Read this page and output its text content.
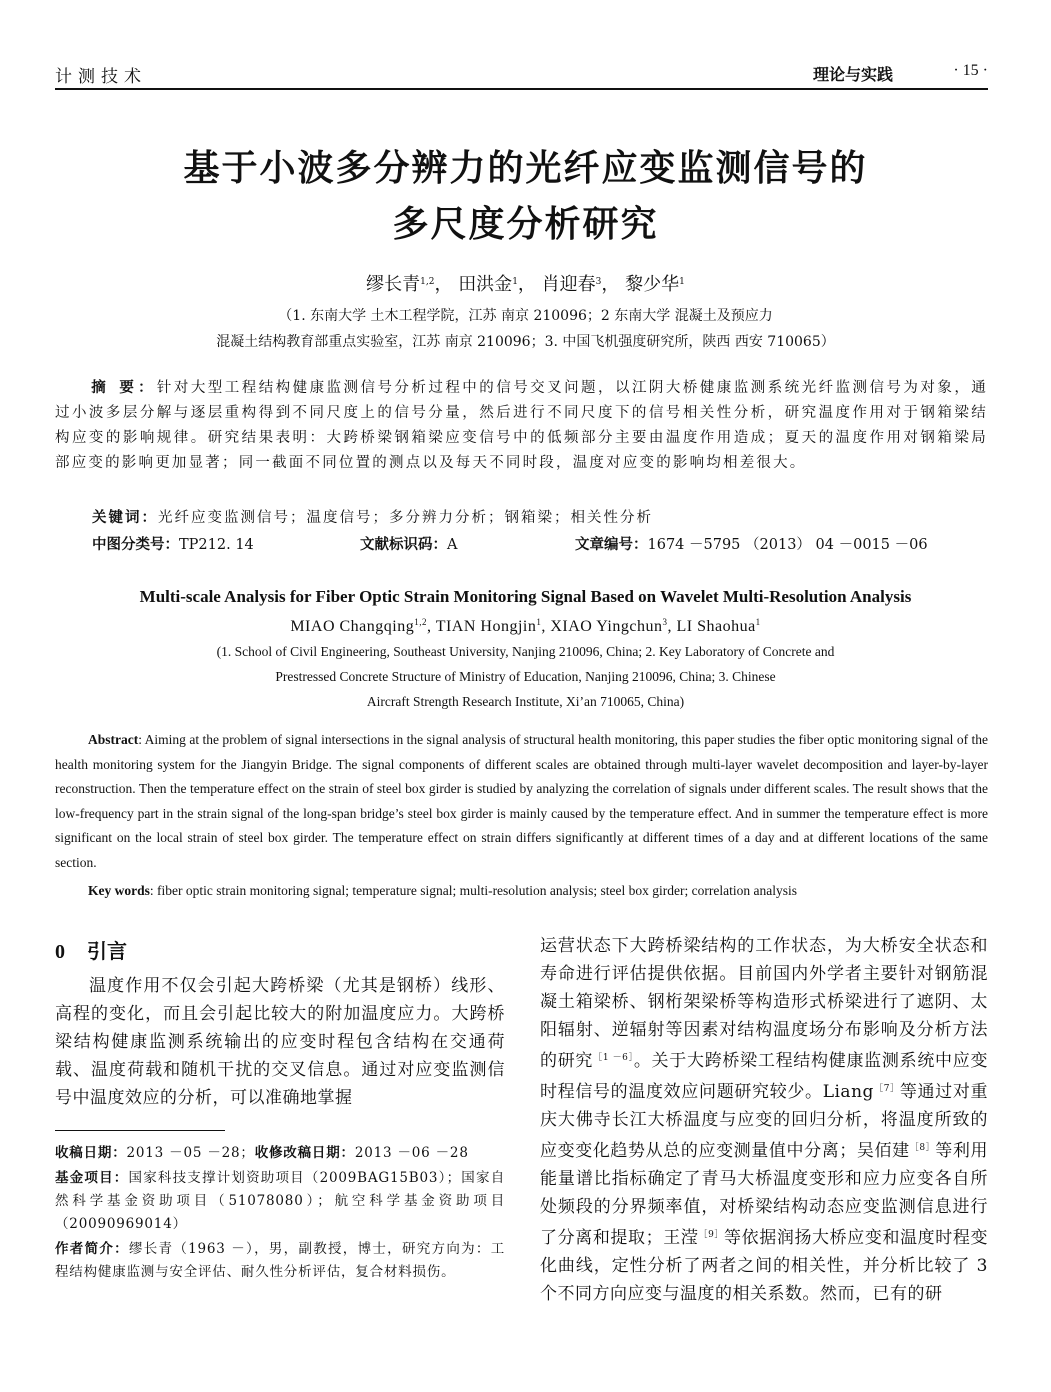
计测技术	理论与实践	· 15 ·
基于小波多分辨力的光纤应变监测信号的
多尺度分析研究
缪长青$^{1,2}$， 田洪金$^1$， 肖迎春$^3$， 黎少华$^1$
（1. 东南大学 土木工程学院，江苏 南京 210096；2 东南大学 混凝土及预应力
混凝土结构教育部重点实验室，江苏 南京 210096；3. 中国飞机强度研究所，陕西 西安 710065）
摘 要：针对大型工程结构健康监测信号分析过程中的信号交叉问题，以江阴大桥健康监测系统光纤监测信号为对象，通过小波多层分解与逐层重构得到不同尺度上的信号分量，然后进行不同尺度下的信号相关性分析，研究温度作用对于钢箱梁结构应变的影响规律。研究结果表明：大跨桥梁钢箱梁应变信号中的低频部分主要由温度作用造成；夏天的温度作用对钢箱梁局部应变的影响更加显著；同一截面不同位置的测点以及每天不同时段，温度对应变的影响均相差很大。
关键词：光纤应变监测信号；温度信号；多分辨力分析；钢箱梁；相关性分析
中图分类号：TP212. 14	文献标识码：A	文章编号：1674 －5795 （2013） 04 －0015 －06
Multi-scale Analysis for Fiber Optic Strain Monitoring Signal Based on Wavelet Multi-Resolution Analysis
MIAO Changqing$^{1,2}$, TIAN Hongjin$^1$, XIAO Yingchun$^3$, LI Shaohua$^1$
(1. School of Civil Engineering, Southeast University, Nanjing 210096, China; 2. Key Laboratory of Concrete and
Prestressed Concrete Structure of Ministry of Education, Nanjing 210096, China; 3. Chinese
Aircraft Strength Research Institute, Xi’an 710065, China)
Abstract: Aiming at the problem of signal intersections in the signal analysis of structural health monitoring, this paper studies the fiber optic monitoring signal of the health monitoring system for the Jiangyin Bridge. The signal components of different scales are obtained through multi-layer wavelet decomposition and layer-by-layer reconstruction. Then the temperature effect on the strain of steel box girder is studied by analyzing the correlation of signals under different scales. The result shows that the low-frequency part in the strain signal of the long-span bridge’s steel box girder is mainly caused by the temperature effect. And in summer the temperature effect is more significant on the local strain of steel box girder. The temperature effect on strain differs significantly at different times of a day and at different locations of the same section.
Key words: fiber optic strain monitoring signal; temperature signal; multi-resolution analysis; steel box girder; correlation analysis
0 引言
温度作用不仅会引起大跨桥梁（尤其是钢桥）线形、高程的变化，而且会引起比较大的附加温度应力。大跨桥梁结构健康监测系统输出的应变时程包含结构在交通荷载、温度荷载和随机干扰的交叉信息。通过对应变监测信号中温度效应的分析，可以准确地掌握

收稿日期：2013 －05 －28；收修改稿日期：2013 －06 －28

基金项目：国家科技支撑计划资助项目（2009BAG15B03）；国家自然科学基金资助项目（51078080）；航空科学基金资助项目（20090969014）

作者简介：缪长青（1963 －），男，副教授，博士，研究方向为：工程结构健康监测与安全评估、耐久性分析评估，复合材料损伤。

运营状态下大跨桥梁结构的工作状态，为大桥安全状态和寿命进行评估提供依据。目前国内外学者主要针对钢筋混凝土箱梁桥、钢桁架梁桥等构造形式桥梁进行了遮阴、太阳辐射、逆辐射等因素对结构温度场分布影响及分析方法的研究$^{[1 -6]}$。关于大跨桥梁工程结构健康监测系统中应变时程信号的温度效应问题研究较少。Liang$^{[7]}$等通过对重庆大佛寺长江大桥温度与应变的回归分析，将温度所致的应变变化趋势从总的应变测量值中分离；吴佰建$^{[8]}$等利用能量谱比指标确定了青马大桥温度变形和应力应变各自所处频段的分界频率值，对桥梁结构动态应变监测信息进行了分离和提取；王滢$^{[9]}$等依据润扬大桥应变和温度时程变化曲线，定性分析了两者之间的相关性，并分析比较了 3 个不同方向应变与温度的相关系数。然而，已有的研
